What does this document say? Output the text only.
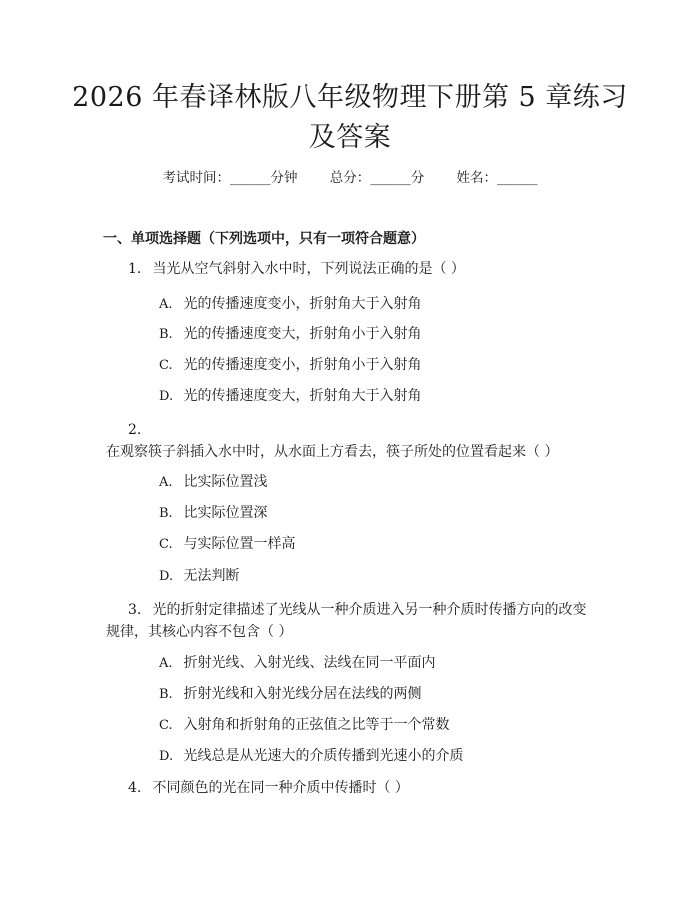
2026 年春译林版八年级物理下册第 5 章练习及答案
考试时间：______分钟 总分：______分 姓名：______
一、单项选择题（下列选项中，只有一项符合题意）
1. 当光从空气斜射入水中时，下列说法正确的是（ ）
A. 光的传播速度变小，折射角大于入射角
B. 光的传播速度变大，折射角小于入射角
C. 光的传播速度变小，折射角小于入射角
D. 光的传播速度变大，折射角大于入射角
2. 在观察筷子斜插入水中时，从水面上方看去，筷子所处的位置看起来（ ）
A. 比实际位置浅
B. 比实际位置深
C. 与实际位置一样高
D. 无法判断
3. 光的折射定律描述了光线从一种介质进入另一种介质时传播方向的改变规律，其核心内容不包含（ ）
A. 折射光线、入射光线、法线在同一平面内
B. 折射光线和入射光线分居在法线的两侧
C. 入射角和折射角的正弦值之比等于一个常数
D. 光线总是从光速大的介质传播到光速小的介质
4. 不同颜色的光在同一种介质中传播时（ ）
